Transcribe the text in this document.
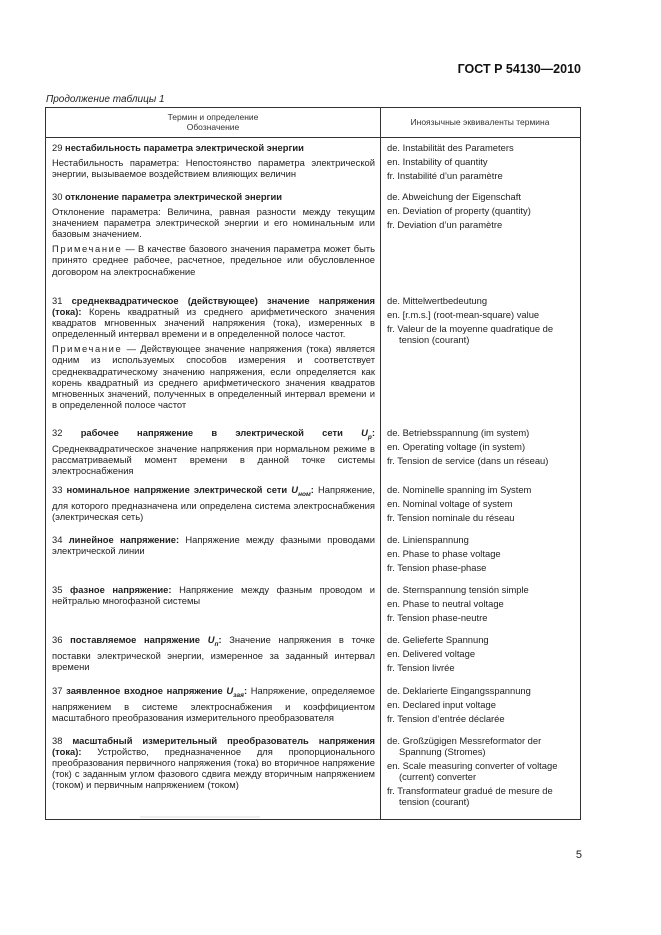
ГОСТ Р 54130—2010
Продолжение таблицы 1
Термин и определение
Обозначение	Иноязычные эквиваленты термина

29 нестабильность параметра электрической энергии

Нестабильность параметра: Непостоянство параметра электрической энергии, вызываемое воздействием влияющих величин

de. Instabilität des Parameters
en. Instability of quantity
fr. Instabilité d’un paramètre

30 отклонение параметра электрической энергии

Отклонение параметра: Величина, равная разности между текущим значением параметра электрической энергии и его номинальным или базовым значением.

Примечание — В качестве базового значения параметра может быть принято среднее рабочее, расчетное, предельное или обусловленное договором на электроснабжение

de. Abweichung der Eigenschaft
en. Deviation of property (quantity)
fr. Deviation d’un paramètre

31 среднеквадратическое (действующее) значение напряжения (тока): Корень квадратный из среднего арифметического значения квадратов мгновенных значений напряжения (тока), измеренных в определенный интервал времени и в определенной полосе частот.

Примечание — Действующее значение напряжения (тока) является одним из используемых способов измерения и соответствует среднеквадратическому значению напряжения, если определяется как корень квадратный из среднего арифметического значения квадратов мгновенных значений, полученных в определенный интервал времени и в определенной полосе частот

de. Mittelwertbedeutung
en. [r.m.s.] (root-mean-square) value
fr. Valeur de la moyenne quadratique de tension (courant)

32 рабочее напряжение в электрической сети $U_p$: Среднеквадратическое значение напряжения при нормальном режиме в рассматриваемый момент времени в данной точке системы электроснабжения

de. Betriebsspannung (im system)
en. Operating voltage (in system)
fr. Tension de service (dans un réseau)

33 номинальное напряжение электрической сети $U_{ном}$: Напряжение, для которого предназначена или определена система электроснабжения (электрическая сеть)

de. Nominelle spanning im System
en. Nominal voltage of system
fr. Tension nominale du réseau

34 линейное напряжение: Напряжение между фазными проводами электрической линии

de. Linienspannung
en. Phase to phase voltage
fr. Tension phase-phase

35 фазное напряжение: Напряжение между фазным проводом и нейтралью многофазной системы

de. Sternspannung tensión simple
en. Phase to neutral voltage
fr. Tension phase-neutre

36 поставляемое напряжение $U_п$: Значение напряжения в точке поставки электрической энергии, измеренное за заданный интервал времени

de. Gelieferte Spannung
en. Delivered voltage
fr. Tension livrée

37 заявленное входное напряжение $U_{зая}$: Напряжение, определяемое напряжением в системе электроснабжения и коэффициентом масштабного преобразования измерительного преобразователя

de. Deklarierte Eingangsspannung
en. Declared input voltage
fr. Tension d’entrée déclarée

38 масштабный измерительный преобразователь напряжения (тока): Устройство, предназначенное для пропорционального преобразования первичного напряжения (тока) во вторичное напряжение (ток) с заданным углом фазового сдвига между вторичным напряжением (током) и первичным напряжением (током)

de. Großzügigen Messreformator der Spannung (Stromes)
en. Scale measuring converter of voltage (current) converter
fr. Transformateur gradué de mesure de tension (courant)
5
